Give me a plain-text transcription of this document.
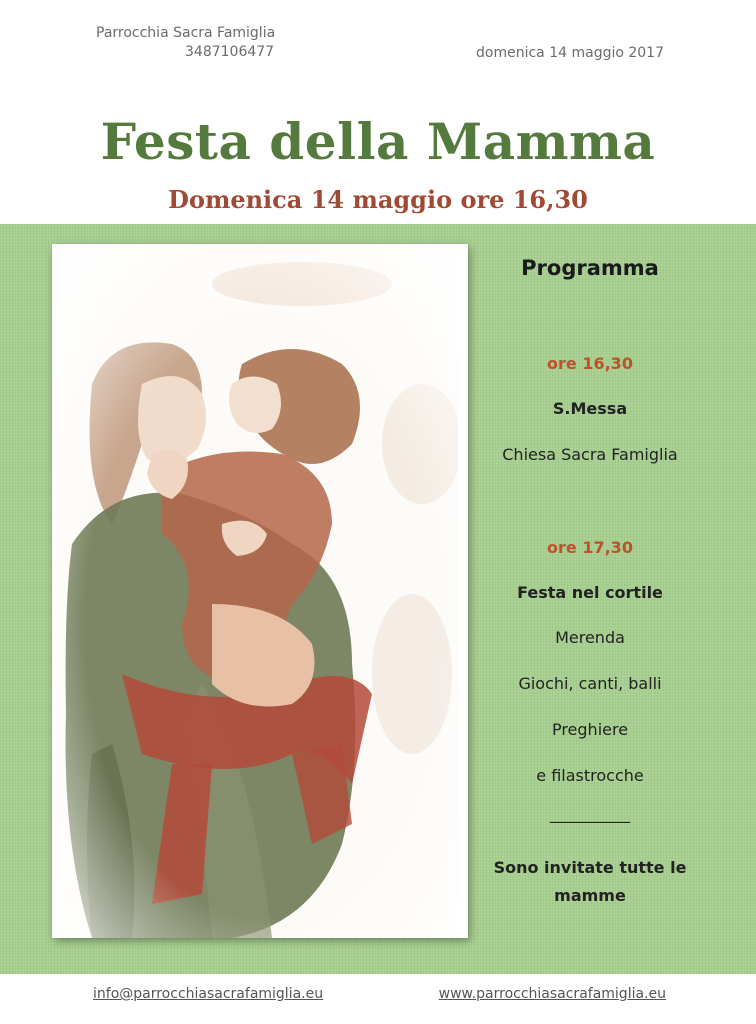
Parrocchia Sacra Famiglia
3487106477	domenica 14 maggio 2017
Festa della Mamma
Domenica 14 maggio ore 16,30
Programma
ore 16,30
S.Messa
Chiesa Sacra Famiglia
ore 17,30
Festa nel cortile
Merenda
Giochi, canti, balli
Preghiere
e filastrocche
__________
Sono invitate tutte le
mamme
info@parrocchiasacrafamiglia.eu	www.parrocchiasacrafamiglia.eu
